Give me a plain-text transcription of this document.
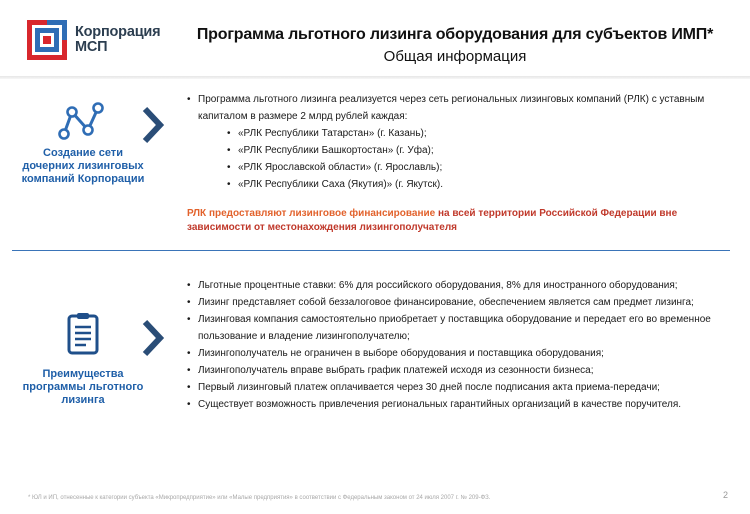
Корпорация
МСП
Программа льготного лизинга оборудования для субъектов ИМП*
Общая информация
Создание сети дочерних лизинговых компаний Корпорации
• Программа льготного лизинга реализуется через сеть региональных лизинговых компаний (РЛК) с уставным капиталом в размере 2 млрд рублей каждая:
• «РЛК Республики Татарстан» (г. Казань);
• «РЛК Республики Башкортостан» (г. Уфа);
• «РЛК Ярославской области» (г. Ярославль);
• «РЛК Республики Саха (Якутия)» (г. Якутск).
РЛК предоставляют лизинговое финансирование на всей территории Российской Федерации вне зависимости от местонахождения лизингополучателя
Преимущества программы льготного лизинга
• Льготные процентные ставки: 6% для российского оборудования, 8% для иностранного оборудования;
• Лизинг представляет собой беззалоговое финансирование, обеспечением является сам предмет лизинга;
• Лизинговая компания самостоятельно приобретает у поставщика оборудование и передает его во временное пользование и владение лизингополучателю;
• Лизингополучатель не ограничен в выборе оборудования и поставщика оборудования;
• Лизингополучатель вправе выбрать график платежей исходя из сезонности бизнеса;
• Первый лизинговый платеж оплачивается через 30 дней после подписания акта приема-передачи;
• Существует возможность привлечения региональных гарантийных организаций в качестве поручителя.
* ЮЛ и ИП, отнесенные к категории субъекта «Микропредприятие» или «Малые предприятия» в соответствии с Федеральным законом от 24 июля 2007 г. № 209-ФЗ.	2
